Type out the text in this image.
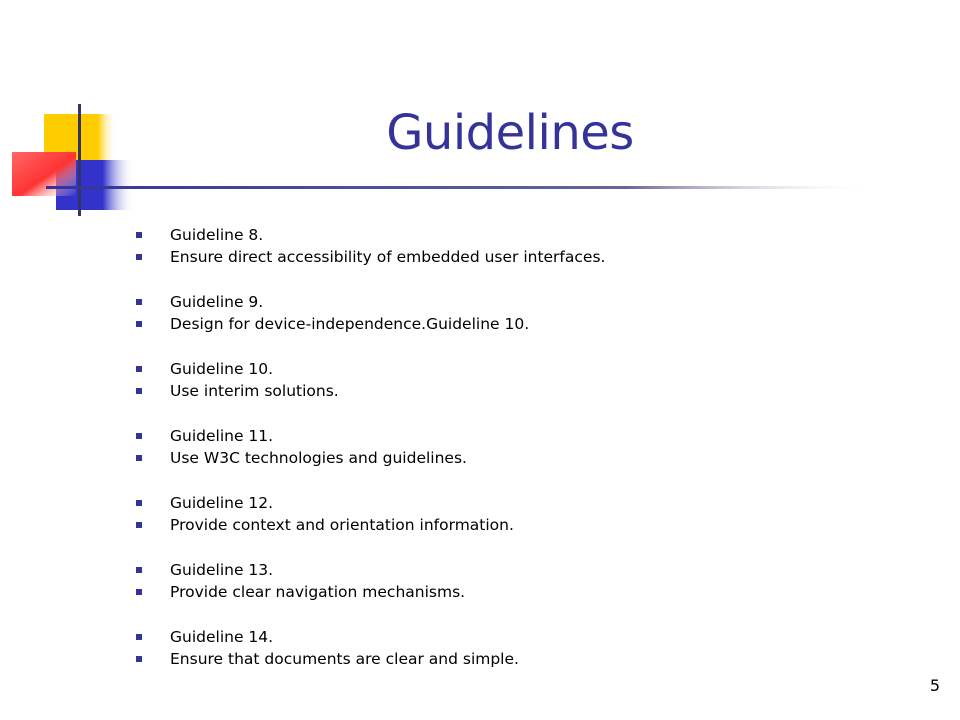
Guidelines
Guideline 8.
Ensure direct accessibility of embedded user interfaces.
Guideline 9.
Design for device-independence.Guideline 10.
Guideline 10.
Use interim solutions.
Guideline 11.
Use W3C technologies and guidelines.
Guideline 12.
Provide context and orientation information.
Guideline 13.
Provide clear navigation mechanisms.
Guideline 14.
Ensure that documents are clear and simple.
5
